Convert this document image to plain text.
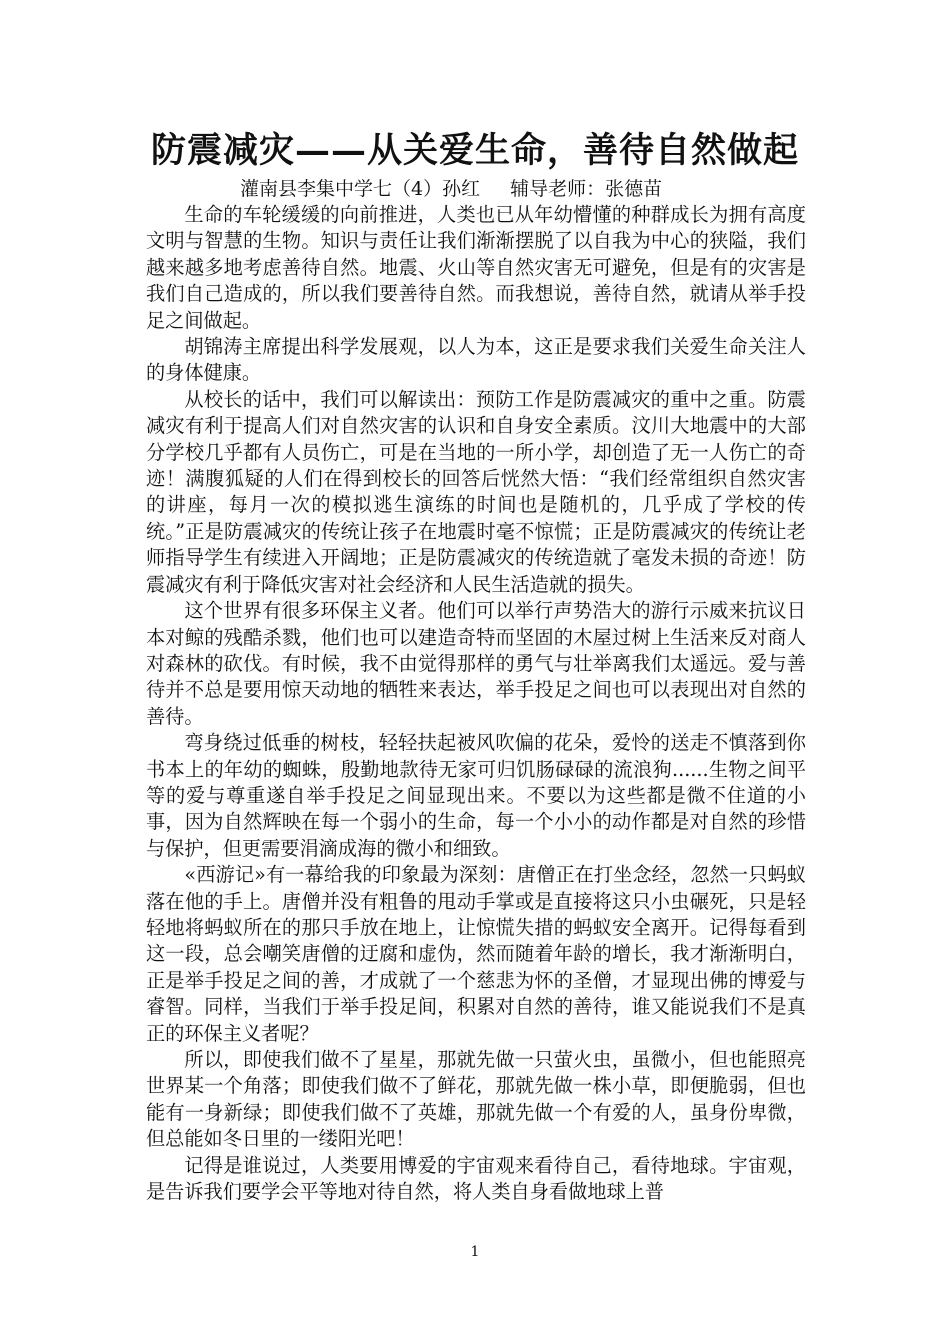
防震减灾——从关爱生命，善待自然做起
灌南县李集中学七（4）孙红 辅导老师：张德苗

生命的车轮缓缓的向前推进，人类也已从年幼懵懂的种群成长为拥有高度文明与智慧的生物。知识与责任让我们渐渐摆脱了以自我为中心的狭隘，我们越来越多地考虑善待自然。地震、火山等自然灾害无可避免，但是有的灾害是我们自己造成的，所以我们要善待自然。而我想说，善待自然，就请从举手投足之间做起。

胡锦涛主席提出科学发展观，以人为本，这正是要求我们关爱生命关注人的身体健康。

从校长的话中，我们可以解读出：预防工作是防震减灾的重中之重。防震减灾有利于提高人们对自然灾害的认识和自身安全素质。汶川大地震中的大部分学校几乎都有人员伤亡，可是在当地的一所小学，却创造了无一人伤亡的奇迹！满腹狐疑的人们在得到校长的回答后恍然大悟：“我们经常组织自然灾害的讲座，每月一次的模拟逃生演练的时间也是随机的，几乎成了学校的传统。”正是防震减灾的传统让孩子在地震时毫不惊慌；正是防震减灾的传统让老师指导学生有续进入开阔地；正是防震减灾的传统造就了毫发未损的奇迹！防震减灾有利于降低灾害对社会经济和人民生活造就的损失。

这个世界有很多环保主义者。他们可以举行声势浩大的游行示威来抗议日本对鲸的残酷杀戮，他们也可以建造奇特而坚固的木屋过树上生活来反对商人对森林的砍伐。有时候，我不由觉得那样的勇气与壮举离我们太遥远。爱与善待并不总是要用惊天动地的牺牲来表达，举手投足之间也可以表现出对自然的善待。

弯身绕过低垂的树枝，轻轻扶起被风吹偏的花朵，爱怜的送走不慎落到你书本上的年幼的蜘蛛，殷勤地款待无家可归饥肠碌碌的流浪狗......生物之间平等的爱与尊重遂自举手投足之间显现出来。不要以为这些都是微不住道的小事，因为自然辉映在每一个弱小的生命，每一个小小的动作都是对自然的珍惜与保护，但更需要涓滴成海的微小和细致。

«西游记»有一幕给我的印象最为深刻：唐僧正在打坐念经，忽然一只蚂蚁落在他的手上。唐僧并没有粗鲁的甩动手掌或是直接将这只小虫碾死，只是轻轻地将蚂蚁所在的那只手放在地上，让惊慌失措的蚂蚁安全离开。记得每看到这一段，总会嘲笑唐僧的迂腐和虚伪，然而随着年龄的增长，我才渐渐明白，正是举手投足之间的善，才成就了一个慈悲为怀的圣僧，才显现出佛的博爱与睿智。同样，当我们于举手投足间，积累对自然的善待，谁又能说我们不是真正的环保主义者呢？

所以，即使我们做不了星星，那就先做一只萤火虫，虽微小，但也能照亮世界某一个角落；即使我们做不了鲜花，那就先做一株小草，即便脆弱，但也能有一身新绿；即使我们做不了英雄，那就先做一个有爱的人，虽身份卑微，但总能如冬日里的一缕阳光吧！

记得是谁说过，人类要用博爱的宇宙观来看待自己，看待地球。宇宙观，是告诉我们要学会平等地对待自然，将人类自身看做地球上普

1
